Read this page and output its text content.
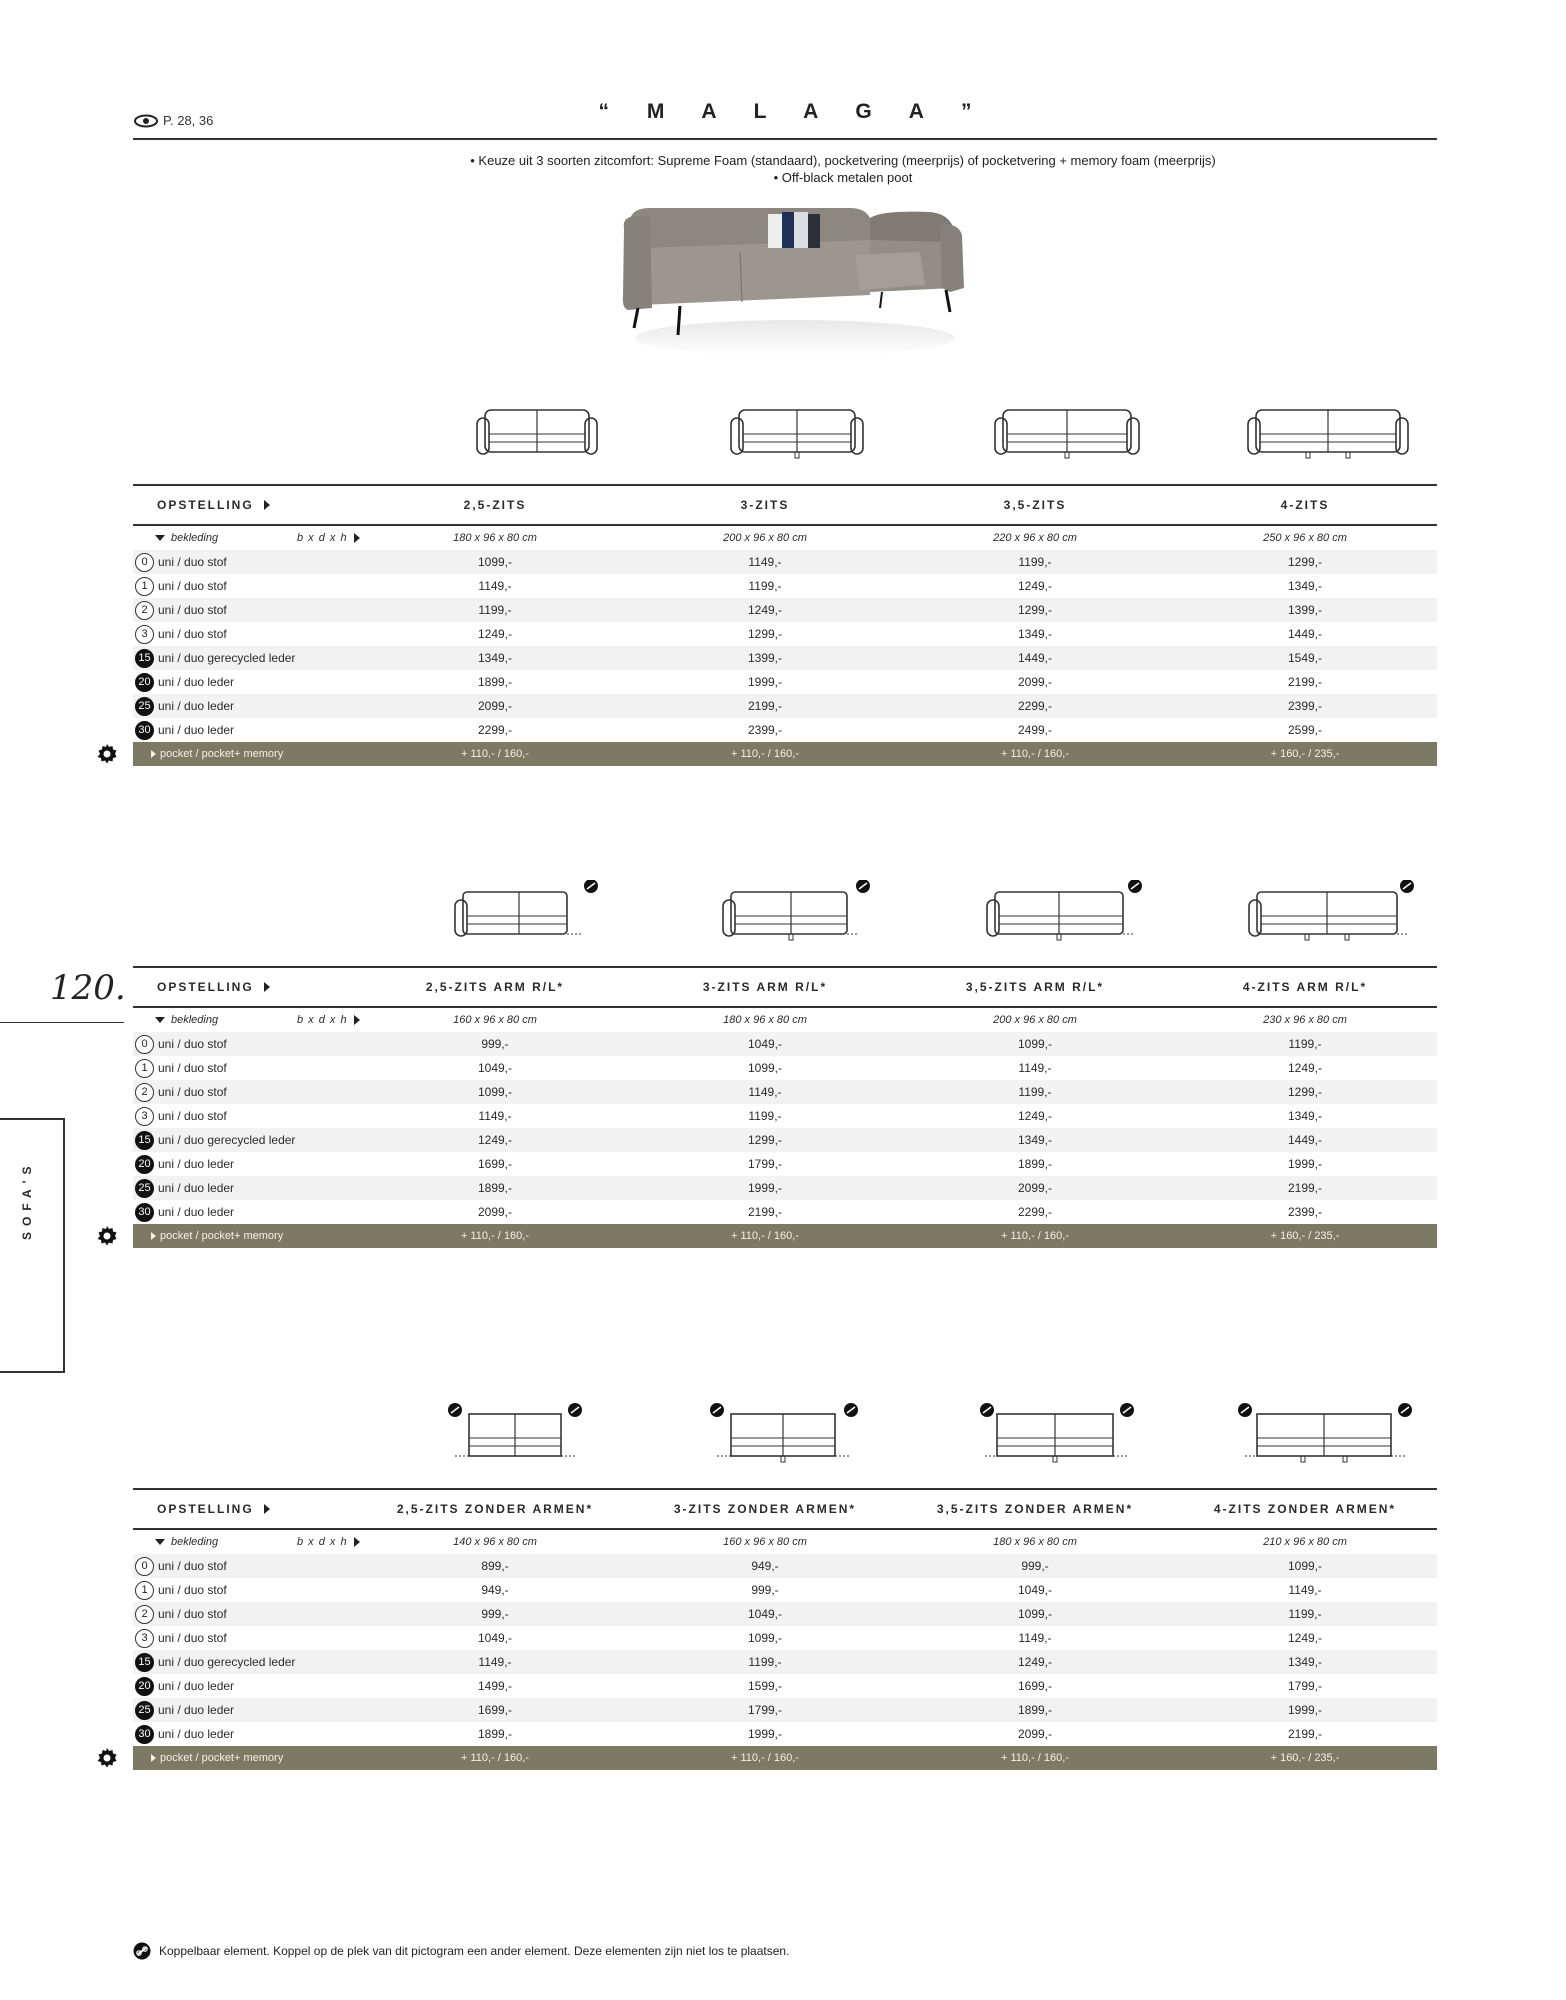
P. 28, 36	“ M A L A G A ”
• Keuze uit 3 soorten zitcomfort: Supreme Foam (standaard), pocketvering (meerprijs) of pocketvering + memory foam (meerprijs)
• Off-black metalen poot
OPSTELLING	2,5-ZITS	3-ZITS	3,5-ZITS	4-ZITS
bekleding	b x d x h	180 x 96 x 80 cm	200 x 96 x 80 cm	220 x 96 x 80 cm	250 x 96 x 80 cm
0 uni / duo stof	1099,-	1149,-	1199,-	1299,-
1 uni / duo stof	1149,-	1199,-	1249,-	1349,-
2 uni / duo stof	1199,-	1249,-	1299,-	1399,-
3 uni / duo stof	1249,-	1299,-	1349,-	1449,-
15 uni / duo gerecycled leder	1349,-	1399,-	1449,-	1549,-
20 uni / duo leder	1899,-	1999,-	2099,-	2199,-
25 uni / duo leder	2099,-	2199,-	2299,-	2399,-
30 uni / duo leder	2299,-	2399,-	2499,-	2599,-
pocket / pocket+ memory	+ 110,- / 160,-	+ 110,- / 160,-	+ 110,- / 160,-	+ 160,- / 235,-
OPSTELLING	2,5-ZITS ARM R/L*	3-ZITS ARM R/L*	3,5-ZITS ARM R/L*	4-ZITS ARM R/L*
bekleding	b x d x h	160 x 96 x 80 cm	180 x 96 x 80 cm	200 x 96 x 80 cm	230 x 96 x 80 cm
0 uni / duo stof	999,-	1049,-	1099,-	1199,-
1 uni / duo stof	1049,-	1099,-	1149,-	1249,-
2 uni / duo stof	1099,-	1149,-	1199,-	1299,-
3 uni / duo stof	1149,-	1199,-	1249,-	1349,-
15 uni / duo gerecycled leder	1249,-	1299,-	1349,-	1449,-
20 uni / duo leder	1699,-	1799,-	1899,-	1999,-
25 uni / duo leder	1899,-	1999,-	2099,-	2199,-
30 uni / duo leder	2099,-	2199,-	2299,-	2399,-
pocket / pocket+ memory	+ 110,- / 160,-	+ 110,- / 160,-	+ 110,- / 160,-	+ 160,- / 235,-
OPSTELLING	2,5-ZITS ZONDER ARMEN*	3-ZITS ZONDER ARMEN*	3,5-ZITS ZONDER ARMEN*	4-ZITS ZONDER ARMEN*
bekleding	b x d x h	140 x 96 x 80 cm	160 x 96 x 80 cm	180 x 96 x 80 cm	210 x 96 x 80 cm
0 uni / duo stof	899,-	949,-	999,-	1099,-
1 uni / duo stof	949,-	999,-	1049,-	1149,-
2 uni / duo stof	999,-	1049,-	1099,-	1199,-
3 uni / duo stof	1049,-	1099,-	1149,-	1249,-
15 uni / duo gerecycled leder	1149,-	1199,-	1249,-	1349,-
20 uni / duo leder	1499,-	1599,-	1699,-	1799,-
25 uni / duo leder	1699,-	1799,-	1899,-	1999,-
30 uni / duo leder	1899,-	1999,-	2099,-	2199,-
pocket / pocket+ memory	+ 110,- / 160,-	+ 110,- / 160,-	+ 110,- / 160,-	+ 160,- / 235,-
120.
SOFA'S
Koppelbaar element. Koppel op de plek van dit pictogram een ander element. Deze elementen zijn niet los te plaatsen.
